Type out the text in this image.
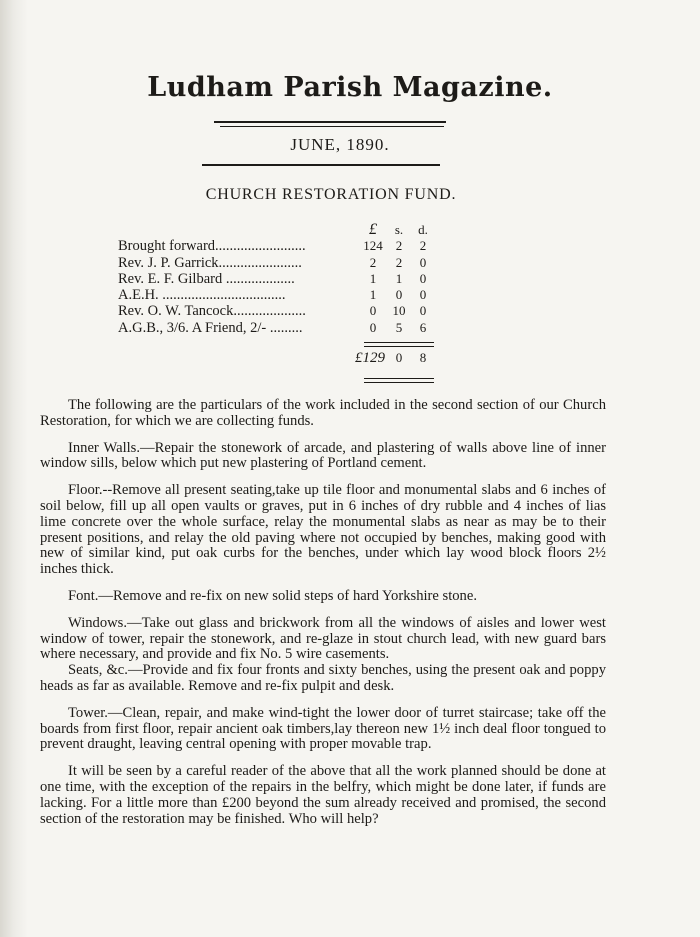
Ludham Parish Magazine.
JUNE, 1890.
CHURCH RESTORATION FUND.
£	s.	d.
Brought forward.........................	124	2	2
Rev. J. P. Garrick.......................	2	2	0
Rev. E. F. Gilbard ...................	1	1	0
A.E.H. ..................................	1	0	0
Rev. O. W. Tancock....................	0	10	0
A.G.B., 3/6. A Friend, 2/- .........	0	5	6
£129 0	8

The following are the particulars of the work included in the second section of our Church Restoration, for which we are collecting funds.

Inner Walls.—Repair the stonework of arcade, and plastering of walls above line of inner window sills, below which put new plastering of Portland cement.

Floor.--Remove all present seating,take up tile floor and monumental slabs and 6 inches of soil below, fill up all open vaults or graves, put in 6 inches of dry rubble and 4 inches of lias lime concrete over the whole surface, relay the monumental slabs as near as may be to their present positions, and relay the old paving where not occupied by benches, making good with new of similar kind, put oak curbs for the benches, under which lay wood block floors 2½ inches thick.

Font.—Remove and re-fix on new solid steps of hard Yorkshire stone.

Windows.—Take out glass and brickwork from all the windows of aisles and lower west window of tower, repair the stonework, and re-glaze in stout church lead, with new guard bars where necessary, and provide and fix No. 5 wire casements.

Seats, &c.—Provide and fix four fronts and sixty benches, using the present oak and poppy heads as far as available. Remove and re-fix pulpit and desk.

Tower.—Clean, repair, and make wind-tight the lower door of turret staircase; take off the boards from first floor, repair ancient oak timbers,lay thereon new 1½ inch deal floor tongued to prevent draught, leaving central opening with proper movable trap.

It will be seen by a careful reader of the above that all the work planned should be done at one time, with the exception of the repairs in the belfry, which might be done later, if funds are lacking. For a little more than £200 beyond the sum already received and promised, the second section of the restoration may be finished. Who will help?
